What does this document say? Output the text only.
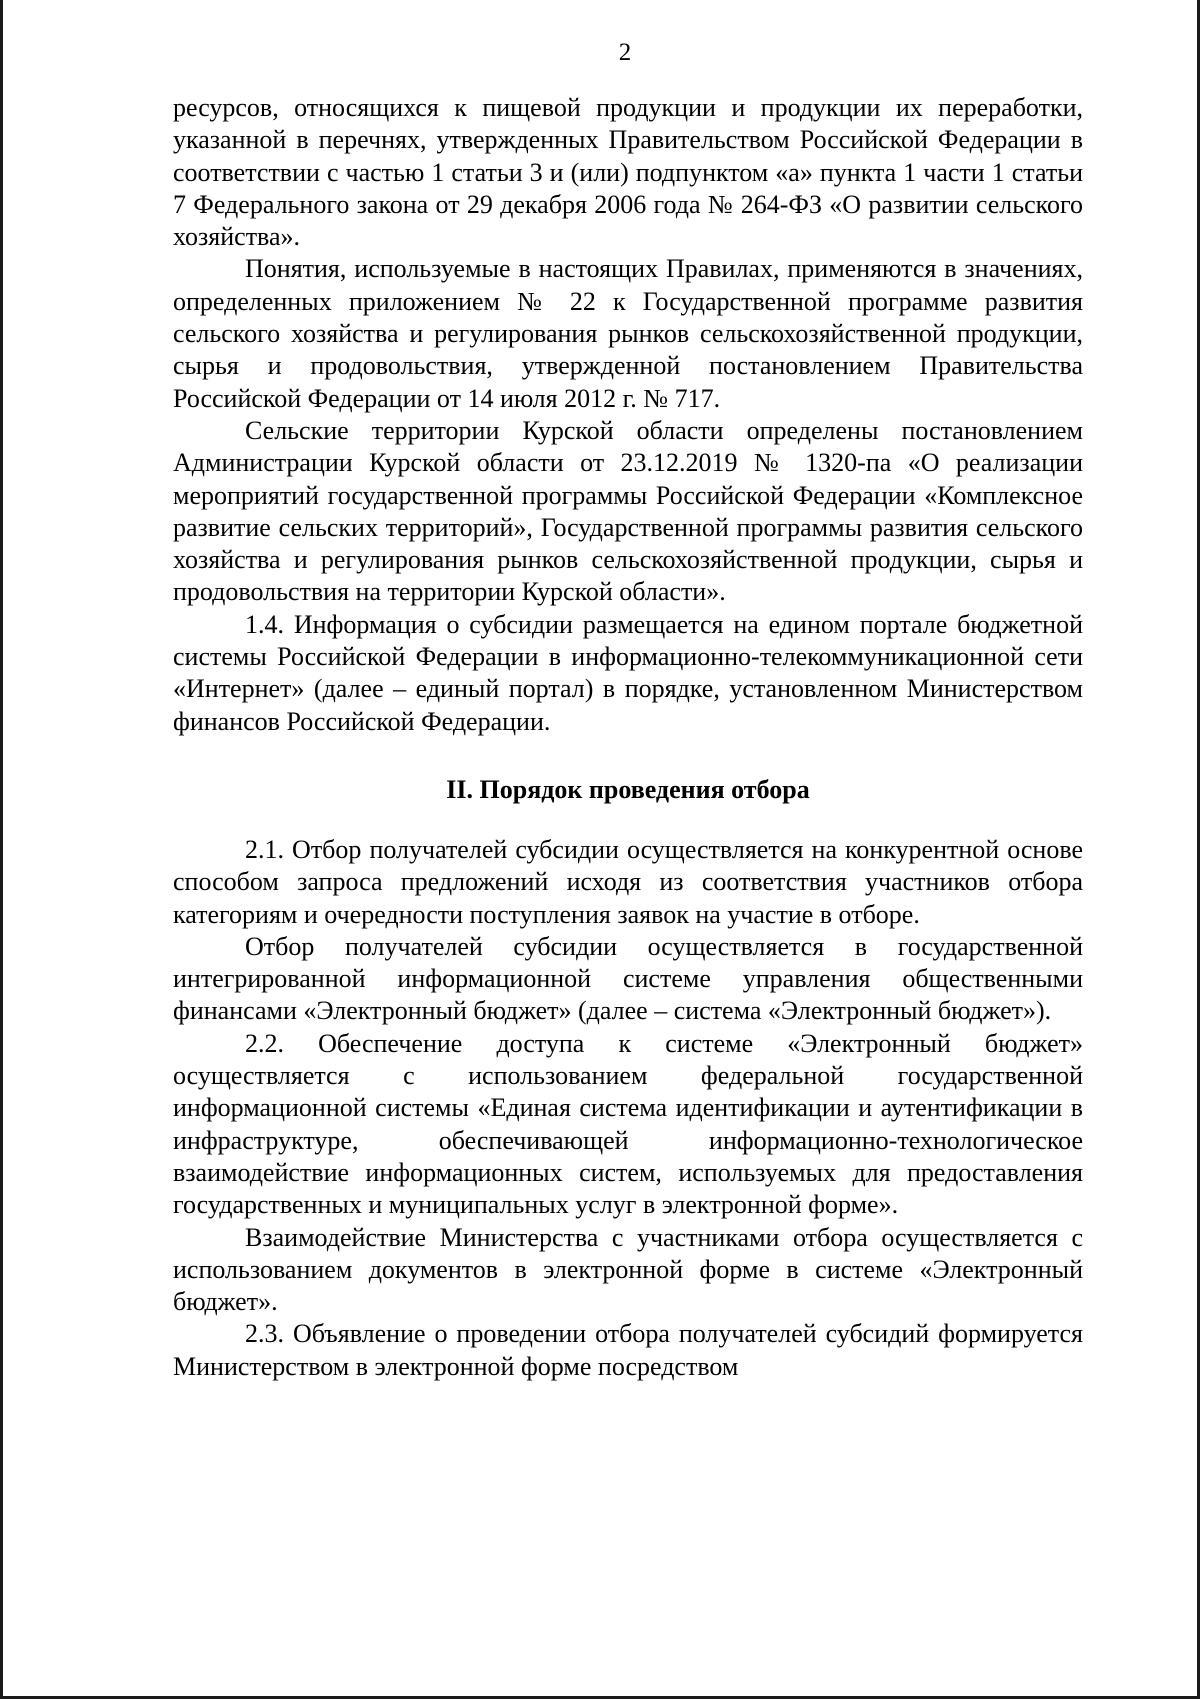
2

ресурсов, относящихся к пищевой продукции и продукции их переработки, указанной в перечнях, утвержденных Правительством Российской Федерации в соответствии с частью 1 статьи 3 и (или) подпунктом «а» пункта 1 части 1 статьи 7 Федерального закона от 29 декабря 2006 года № 264-ФЗ «О развитии сельского хозяйства».

Понятия, используемые в настоящих Правилах, применяются в значениях, определенных приложением № 22 к Государственной программе развития сельского хозяйства и регулирования рынков сельскохозяйственной продукции, сырья и продовольствия, утвержденной постановлением Правительства Российской Федерации от 14 июля 2012 г. № 717.

Сельские территории Курской области определены постановлением Администрации Курской области от 23.12.2019 № 1320-па «О реализации мероприятий государственной программы Российской Федерации «Комплексное развитие сельских территорий», Государственной программы развития сельского хозяйства и регулирования рынков сельскохозяйственной продукции, сырья и продовольствия на территории Курской области».

1.4. Информация о субсидии размещается на едином портале бюджетной системы Российской Федерации в информационно-телекоммуникационной сети «Интернет» (далее – единый портал) в порядке, установленном Министерством финансов Российской Федерации.

II. Порядок проведения отбора

2.1. Отбор получателей субсидии осуществляется на конкурентной основе способом запроса предложений исходя из соответствия участников отбора категориям и очередности поступления заявок на участие в отборе.

Отбор получателей субсидии осуществляется в государственной интегрированной информационной системе управления общественными финансами «Электронный бюджет» (далее – система «Электронный бюджет»).

2.2. Обеспечение доступа к системе «Электронный бюджет» осуществляется с использованием федеральной государственной информационной системы «Единая система идентификации и аутентификации в инфраструктуре, обеспечивающей информационно-технологическое взаимодействие информационных систем, используемых для предоставления государственных и муниципальных услуг в электронной форме».

Взаимодействие Министерства с участниками отбора осуществляется с использованием документов в электронной форме в системе «Электронный бюджет».

2.3. Объявление о проведении отбора получателей субсидий формируется Министерством в электронной форме посредством
